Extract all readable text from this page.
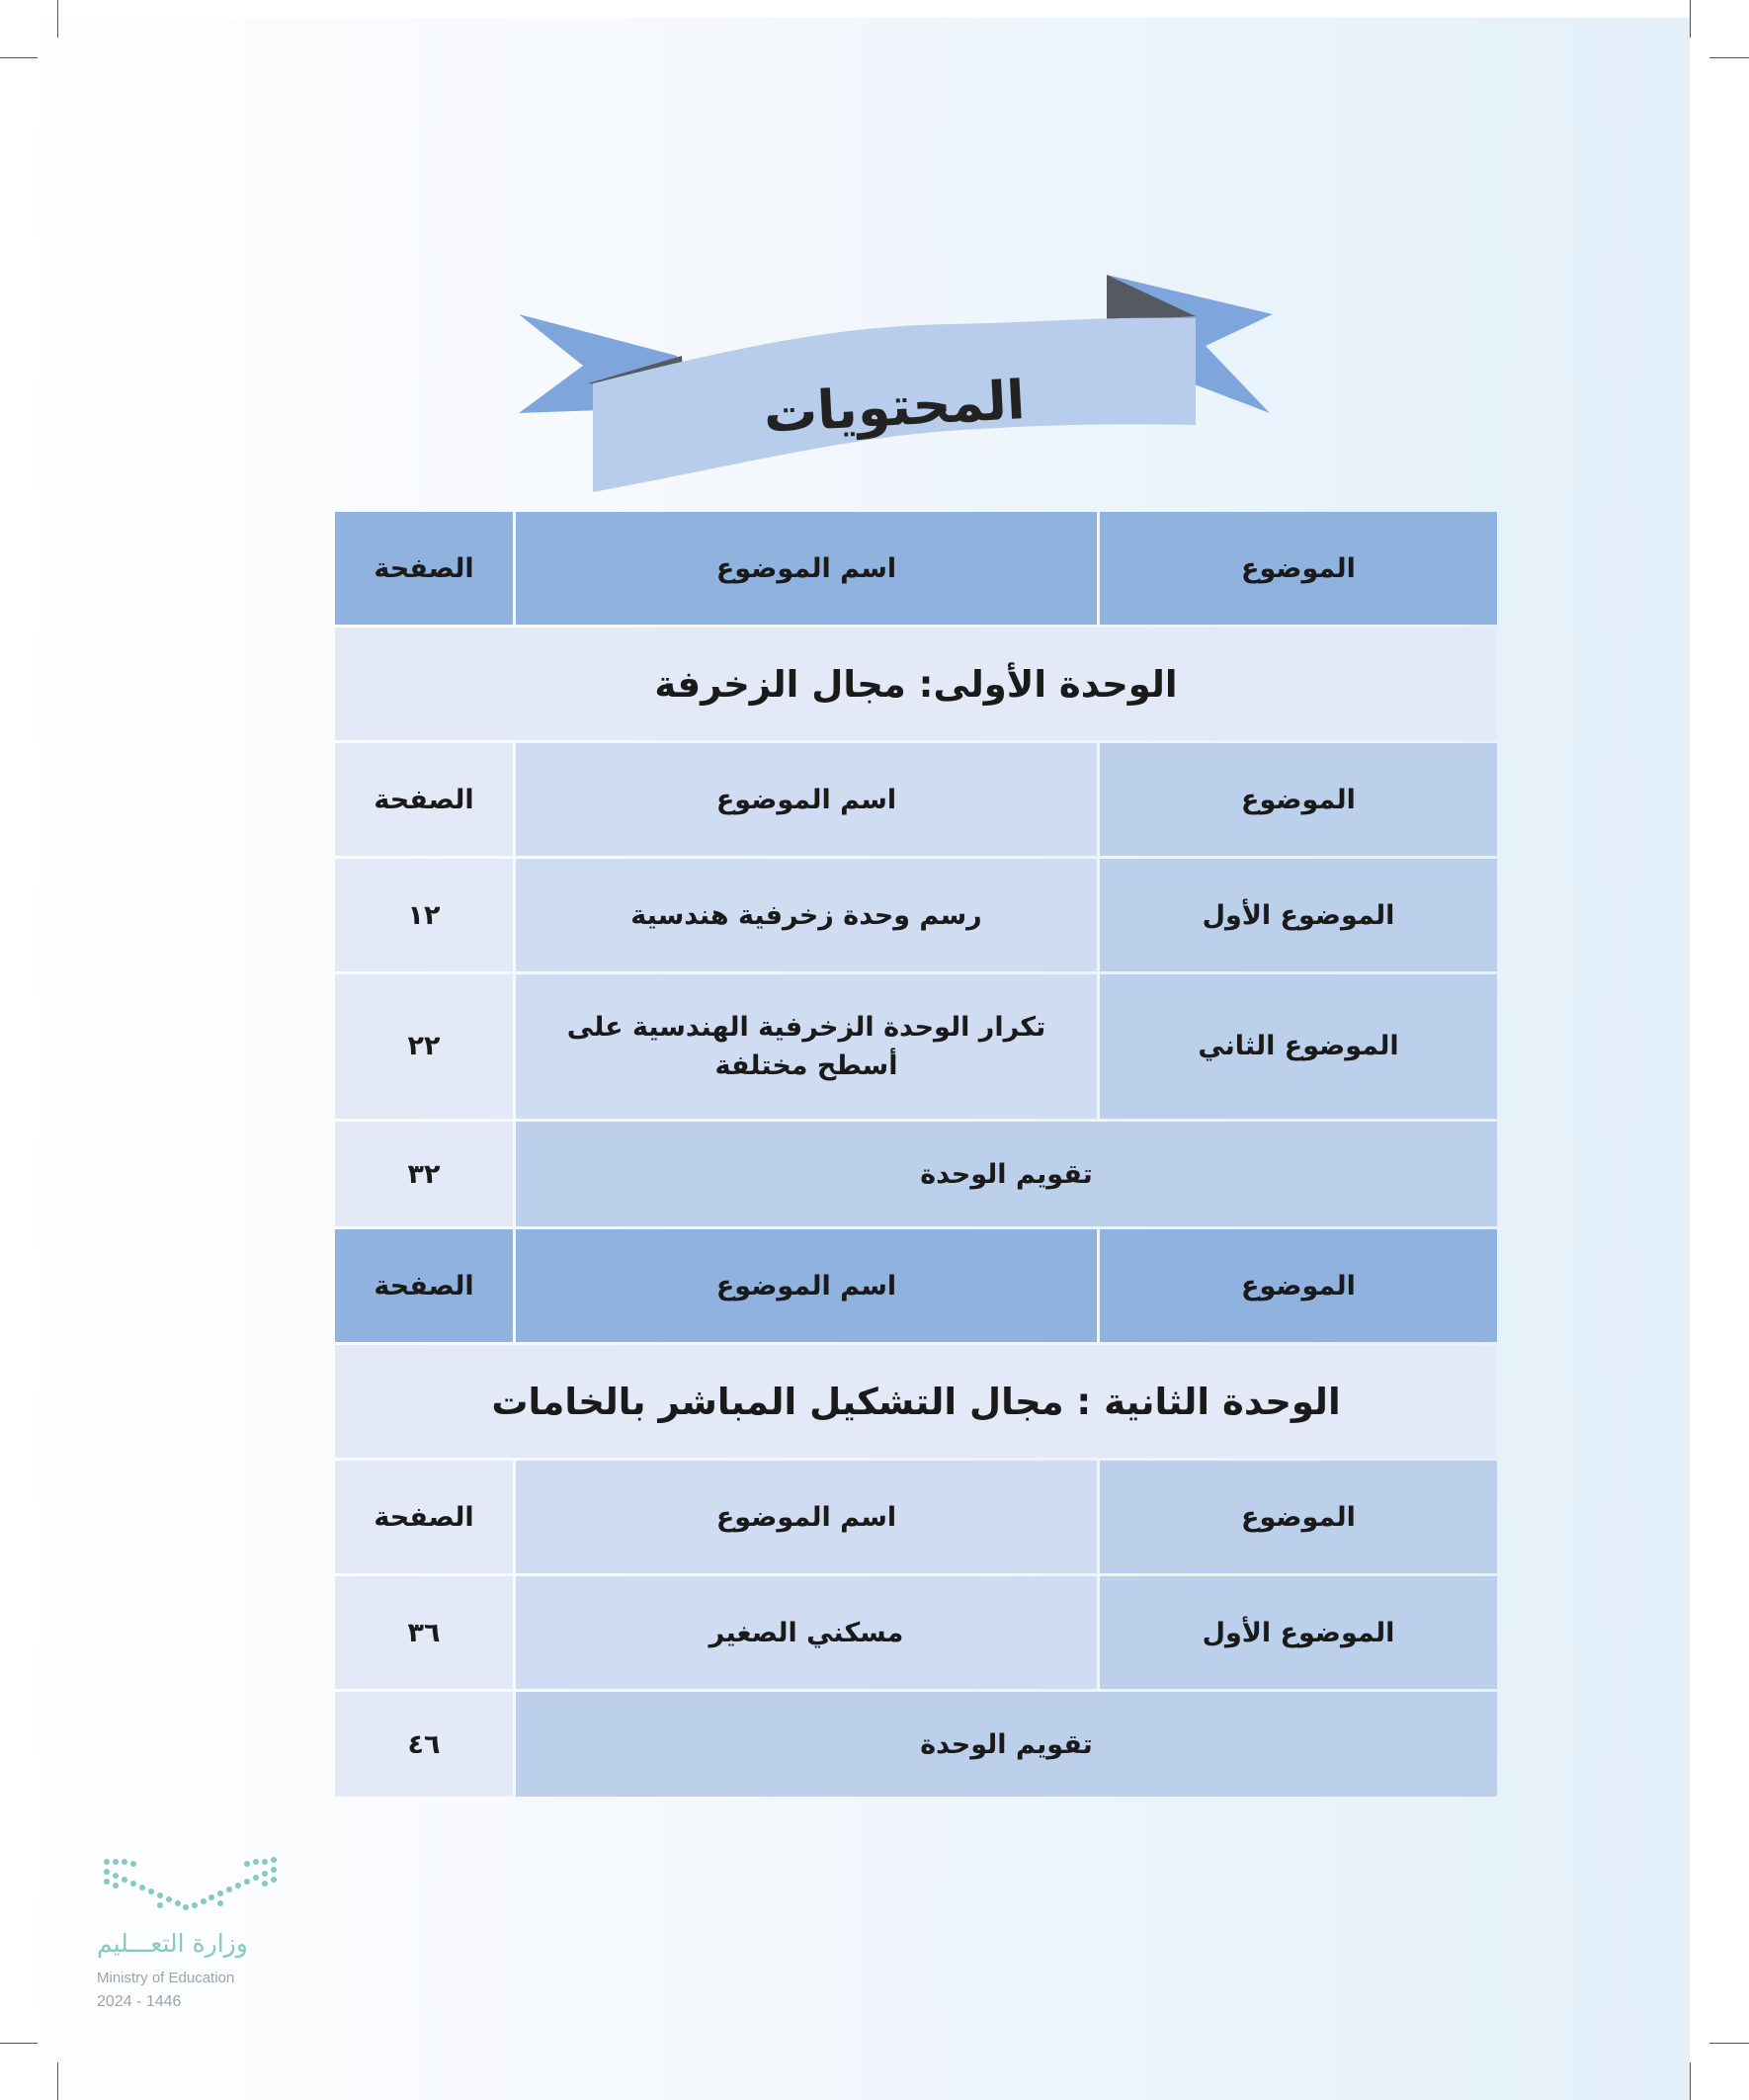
المحتويات
الموضوع	اسم الموضوع	الصفحة
الوحدة الأولى: مجال الزخرفة		
الموضوع	اسم الموضوع	الصفحة
الموضوع الأول	رسم وحدة زخرفية هندسية	١٢
الموضوع الثاني	تكرار الوحدة الزخرفية الهندسية على أسطح مختلفة	٢٢
تقويم الوحدة		٣٢
الموضوع	اسم الموضوع	الصفحة
الوحدة الثانية : مجال التشكيل المباشر بالخامات		
الموضوع	اسم الموضوع	الصفحة
الموضوع الأول	مسكني الصغير	٣٦
تقويم الوحدة		٤٦
وزارة التعـــليم
Ministry of Education
2024 - 1446
